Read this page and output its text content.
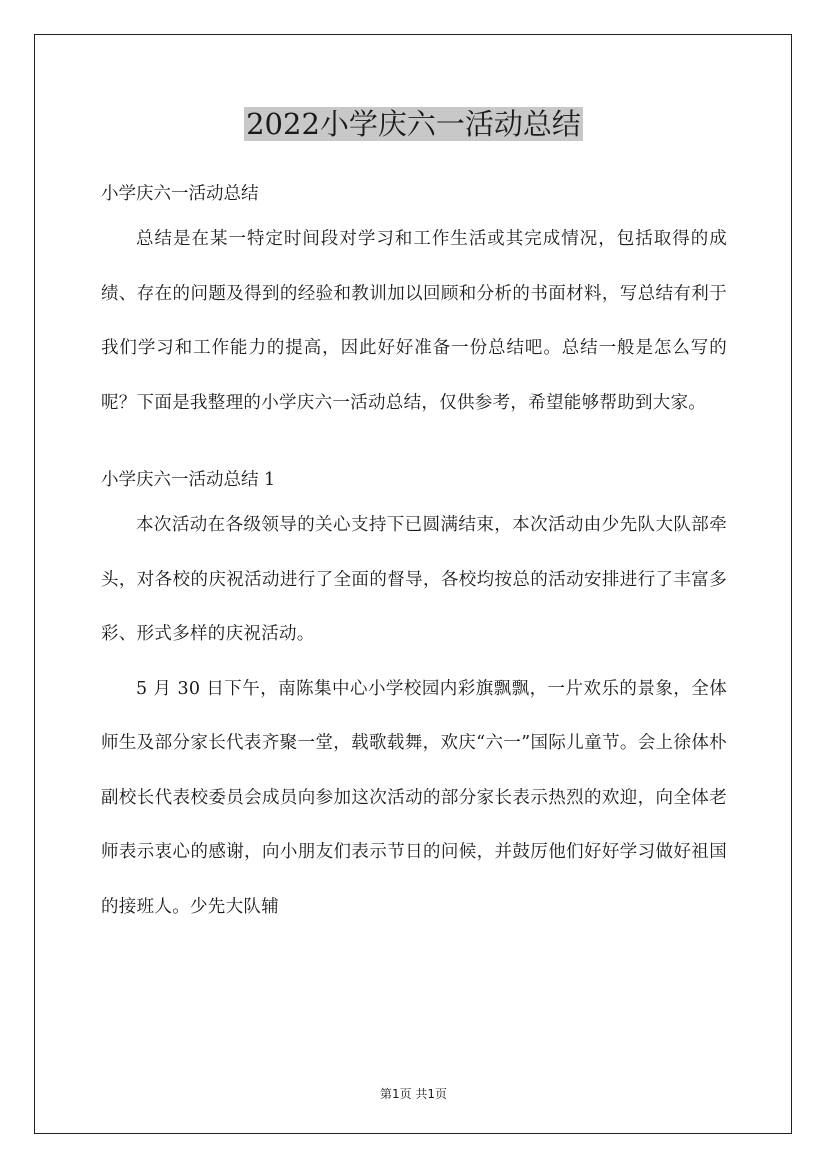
2022小学庆六一活动总结

小学庆六一活动总结

总结是在某一特定时间段对学习和工作生活或其完成情况，包括取得的成绩、存在的问题及得到的经验和教训加以回顾和分析的书面材料，写总结有利于我们学习和工作能力的提高，因此好好准备一份总结吧。总结一般是怎么写的呢？下面是我整理的小学庆六一活动总结，仅供参考，希望能够帮助到大家。

小学庆六一活动总结 1

本次活动在各级领导的关心支持下已圆满结束，本次活动由少先队大队部牵头，对各校的庆祝活动进行了全面的督导，各校均按总的活动安排进行了丰富多彩、形式多样的庆祝活动。

5 月 30 日下午，南陈集中心小学校园内彩旗飘飘，一片欢乐的景象，全体师生及部分家长代表齐聚一堂，载歌载舞，欢庆“六一”国际儿童节。会上徐体朴副校长代表校委员会成员向参加这次活动的部分家长表示热烈的欢迎，向全体老师表示衷心的感谢，向小朋友们表示节日的问候，并鼓厉他们好好学习做好祖国的接班人。少先大队辅

第1页 共1页
